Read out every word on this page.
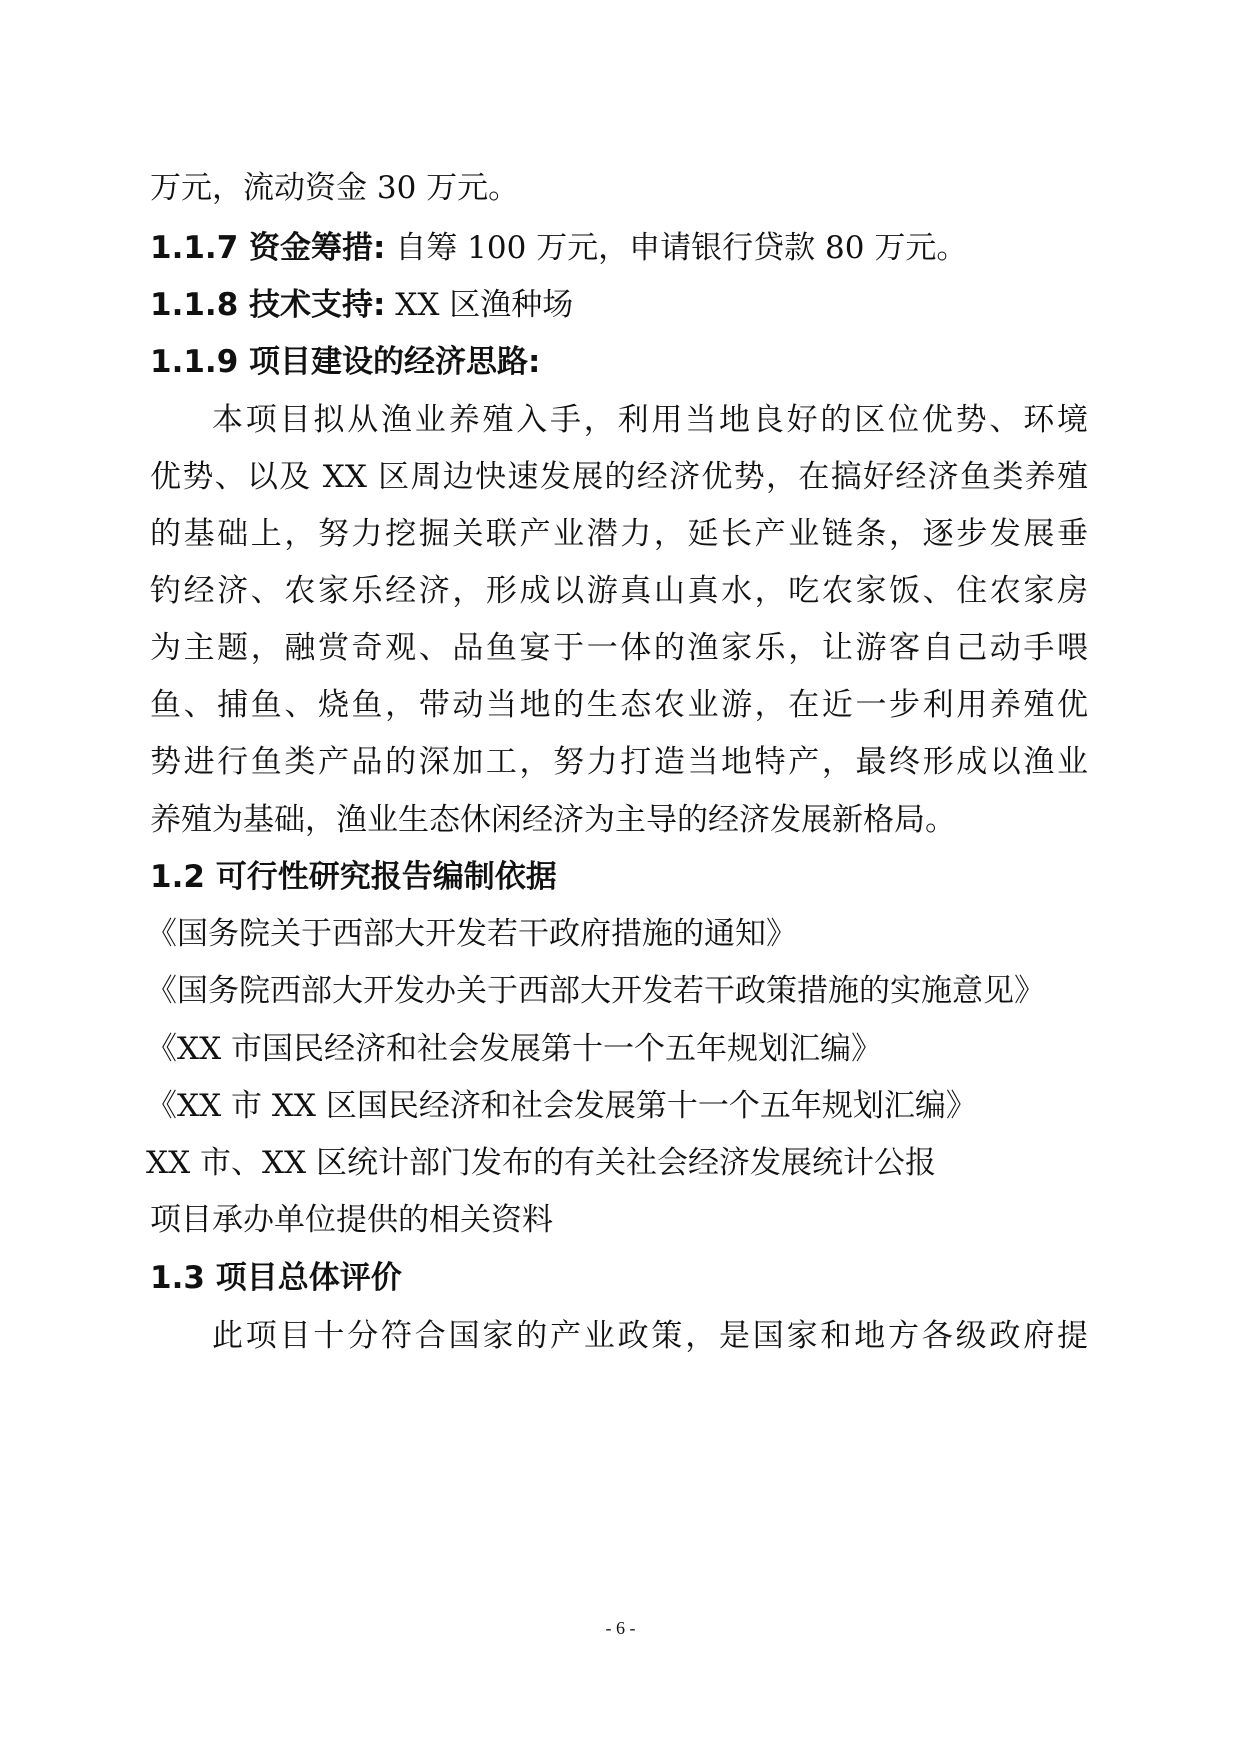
万元，流动资金 30 万元。
1.1.7 资金筹措: 自筹 100 万元，申请银行贷款 80 万元。
1.1.8 技术支持: XX 区渔种场
1.1.9 项目建设的经济思路:
本项目拟从渔业养殖入手，利用当地良好的区位优势、环境
优势、以及 XX 区周边快速发展的经济优势，在搞好经济鱼类养殖
的基础上，努力挖掘关联产业潜力，延长产业链条，逐步发展垂
钓经济、农家乐经济，形成以游真山真水，吃农家饭、住农家房
为主题，融赏奇观、品鱼宴于一体的渔家乐，让游客自己动手喂
鱼、捕鱼、烧鱼，带动当地的生态农业游，在近一步利用养殖优
势进行鱼类产品的深加工，努力打造当地特产，最终形成以渔业
养殖为基础，渔业生态休闲经济为主导的经济发展新格局。
1.2 可行性研究报告编制依据
《国务院关于西部大开发若干政府措施的通知》
《国务院西部大开发办关于西部大开发若干政策措施的实施意见》
《XX 市国民经济和社会发展第十一个五年规划汇编》
《XX 市 XX 区国民经济和社会发展第十一个五年规划汇编》
XX 市、XX 区统计部门发布的有关社会经济发展统计公报
项目承办单位提供的相关资料
1.3 项目总体评价
此项目十分符合国家的产业政策，是国家和地方各级政府提
- 6 -
